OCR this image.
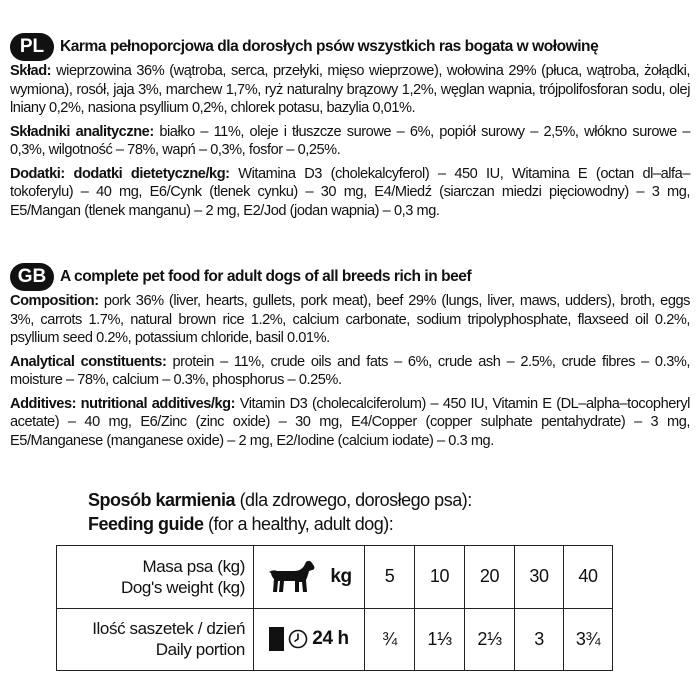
PL	Karma pełnoporcjowa dla dorosłych psów wszystkich ras bogata w wołowinę

Skład: wieprzowina 36% (wątroba, serca, przełyki, mięso wieprzowe), wołowina 29% (płuca, wątroba, żołądki, wymiona), rosół, jaja 3%, marchew 1,7%, ryż naturalny brązowy 1,2%, węglan wapnia, trójpolifosforan sodu, olej lniany 0,2%, nasiona psyllium 0,2%, chlorek potasu, bazylia 0,01%.

Składniki analityczne: białko – 11%, oleje i tłuszcze surowe – 6%, popiół surowy – 2,5%, włókno surowe – 0,3%, wilgotność – 78%, wapń – 0,3%, fosfor – 0,25%.

Dodatki: dodatki dietetyczne/kg: Witamina D3 (cholekalcyferol) – 450 IU, Witamina E (octan dl–alfa–tokoferylu) – 40 mg, E6/Cynk (tlenek cynku) – 30 mg, E4/Miedź (siarczan miedzi pięciowodny) – 3 mg, E5/Mangan (tlenek manganu) – 2 mg, E2/Jod (jodan wapnia) – 0,3 mg.

GB A complete pet food for adult dogs of all breeds rich in beef

Composition: pork 36% (liver, hearts, gullets, pork meat), beef 29% (lungs, liver, maws, udders), broth, eggs 3%, carrots 1.7%, natural brown rice 1.2%, calcium carbonate, sodium tripolyphosphate, flaxseed oil 0.2%, psyllium seed 0.2%, potassium chloride, basil 0.01%.

Analytical constituents: protein – 11%, crude oils and fats – 6%, crude ash – 2.5%, crude fibres – 0.3%, moisture – 78%, calcium – 0.3%, phosphorus – 0.25%.

Additives: nutritional additives/kg: Vitamin D3 (cholecalciferolum) – 450 IU, Vitamin E (DL–alpha–tocopheryl acetate) – 40 mg, E6/Zinc (zinc oxide) – 30 mg, E4/Copper (copper sulphate pentahydrate) – 3 mg, E5/Manganese (manganese oxide) – 2 mg, E2/Iodine (calcium iodate) – 0.3 mg.

Sposób karmienia (dla zdrowego, dorosłego psa):
Feeding guide (for a healthy, adult dog):
Masa psa (kg)
Dog's weight (kg)	kg	5	10	20	30	40

Ilość saszetek / dzień
Daily portion	24 h	¾	1⅓	2⅓	3	3¾
